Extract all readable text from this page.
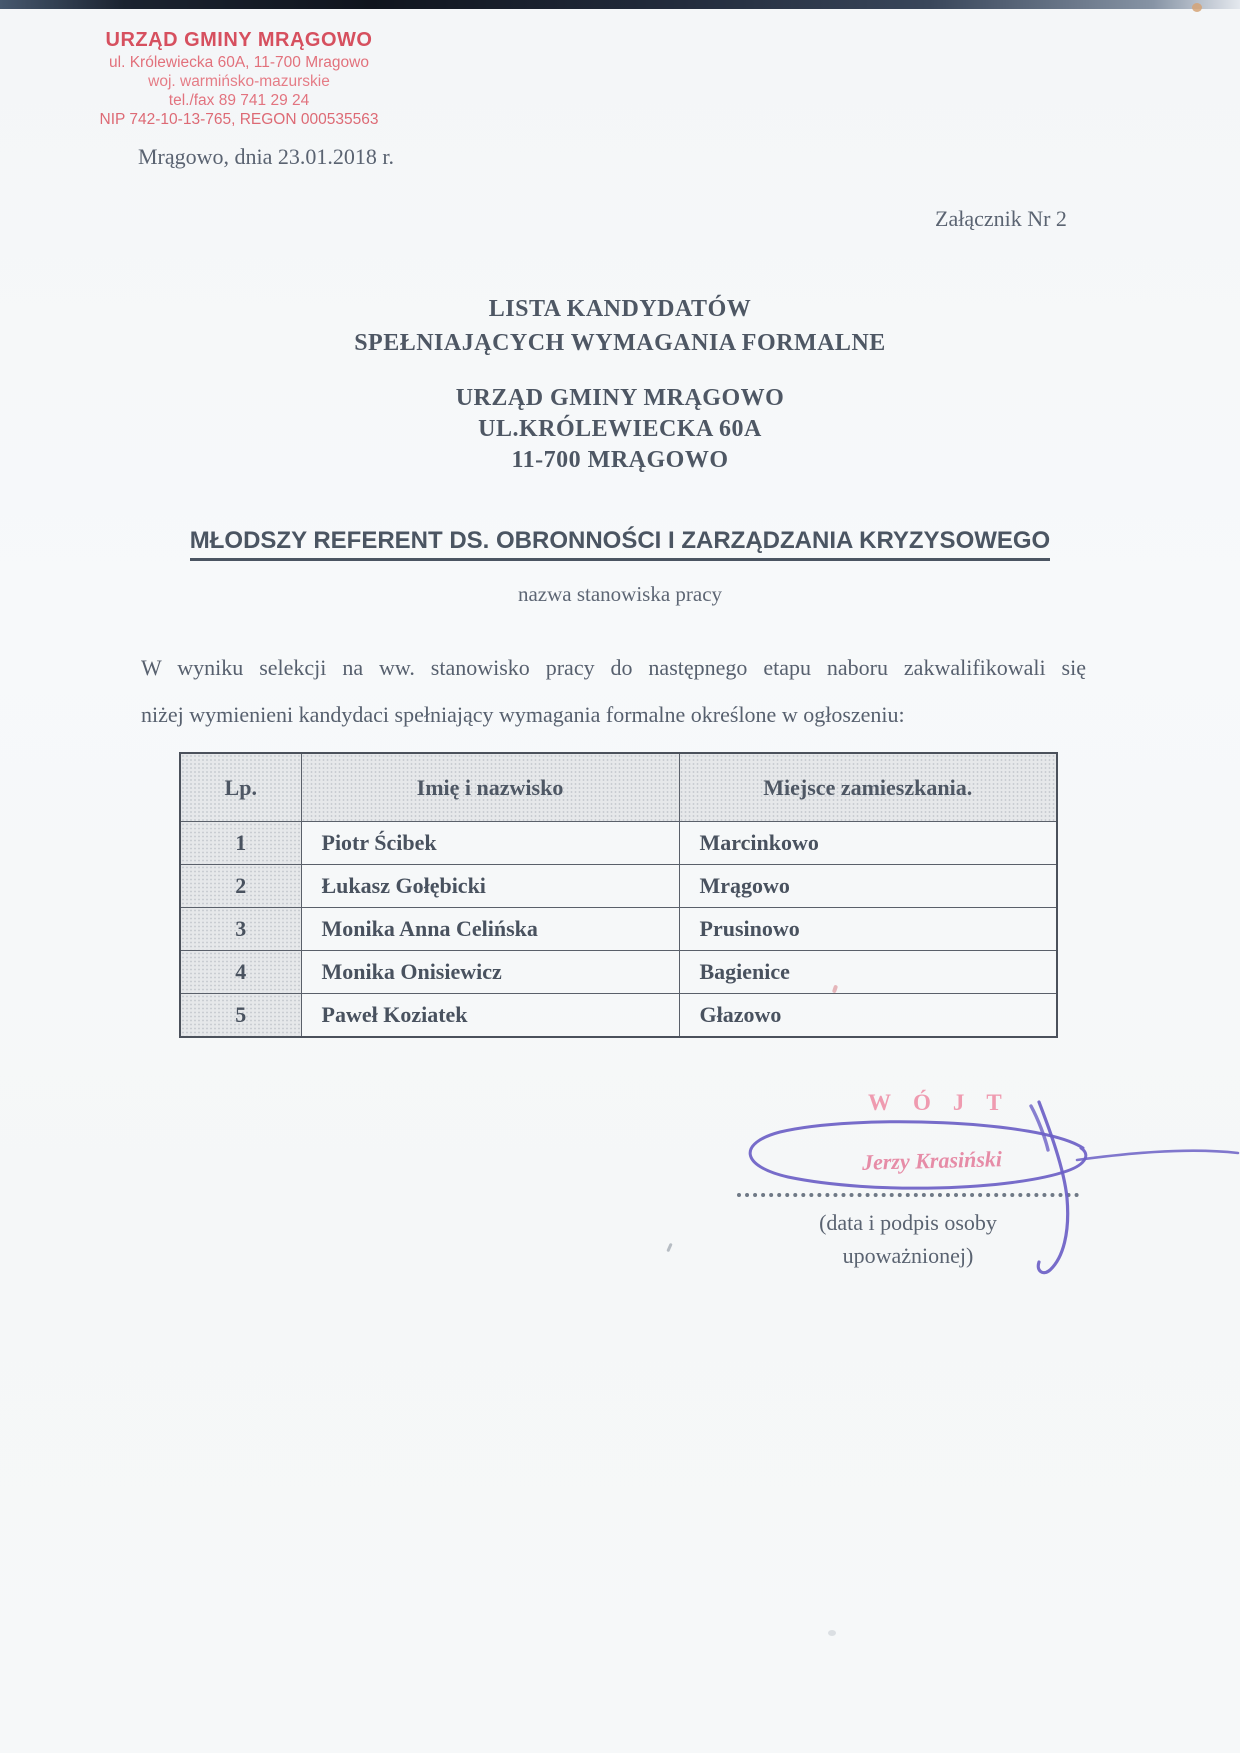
URZĄD GMINY MRĄGOWO
ul. Królewiecka 60A, 11-700 Mragowo
woj. warmińsko-mazurskie
tel./fax 89 741 29 24
NIP 742-10-13-765, REGON 000535563
Mrągowo, dnia 23.01.2018 r.
Załącznik Nr 2
LISTA KANDYDATÓW
SPEŁNIAJĄCYCH WYMAGANIA FORMALNE
URZĄD GMINY MRĄGOWO
UL.KRÓLEWIECKA 60A
11-700 MRĄGOWO
MŁODSZY REFERENT DS. OBRONNOŚCI I ZARZĄDZANIA KRYZYSOWEGO
nazwa stanowiska pracy
W wyniku selekcji na ww. stanowisko pracy do następnego etapu naboru zakwalifikowali się
niżej wymienieni kandydaci spełniający wymagania formalne określone w ogłoszeniu:
Lp.	Imię i nazwisko	Miejsce zamieszkania.
1	Piotr Ścibek	Marcinkowo
2	Łukasz Gołębicki	Mrągowo
3	Monika Anna Celińska	Prusinowo
4	Monika Onisiewicz	Bagienice
5	Paweł Koziatek	Głazowo
WÓJT
Jerzy Krasiński
(data i podpis osoby
upoważnionej)
